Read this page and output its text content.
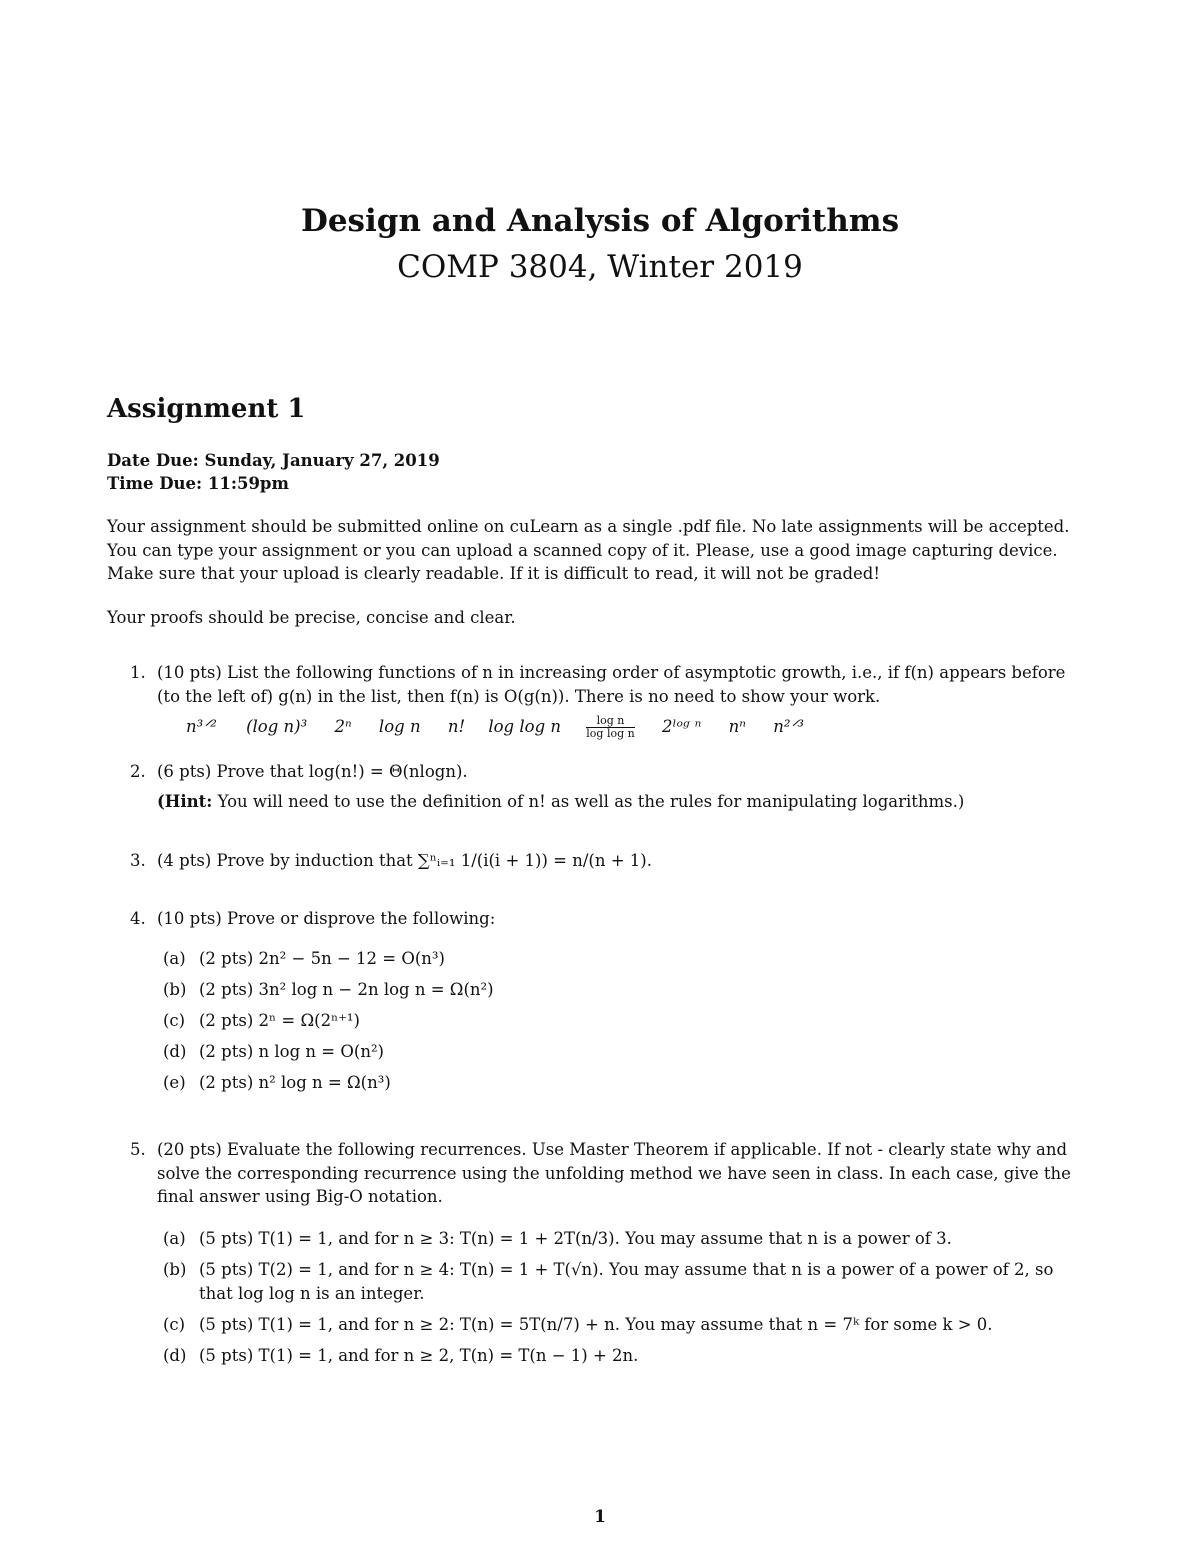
Design and Analysis of Algorithms
COMP 3804, Winter 2019
Assignment 1
Date Due: Sunday, January 27, 2019
Time Due: 11:59pm
Your assignment should be submitted online on cuLearn as a single .pdf file. No late assignments will be accepted.
You can type your assignment or you can upload a scanned copy of it. Please, use a good image capturing device.
Make sure that your upload is clearly readable. If it is difficult to read, it will not be graded!
Your proofs should be precise, concise and clear.
1. (10 pts) List the following functions of n in increasing order of asymptotic growth, i.e., if f(n) appears before
(to the left of) g(n) in the list, then f(n) is O(g(n)). There is no need to show your work.
n³ᐟ² (log n)³ 2ⁿ log n n! log log n $\frac{\text{log n}}{\text{log log n}}$ 2ˡᵒᵍ ⁿ nⁿ n²ᐟ³
2. (6 pts) Prove that log(n!) = Θ(nlogn).
(Hint: You will need to use the definition of n! as well as the rules for manipulating logarithms.)
3. (4 pts) Prove by induction that ∑ⁿᵢ₌₁ 1/(i(i + 1)) = n/(n + 1).
4. (10 pts) Prove or disprove the following:
(a) (2 pts) 2n² − 5n − 12 = O(n³)
(b) (2 pts) 3n² log n − 2n log n = Ω(n²)
(c) (2 pts) 2ⁿ = Ω(2ⁿ⁺¹)
(d) (2 pts) n log n = O(n²)
(e) (2 pts) n² log n = Ω(n³)
5. (20 pts) Evaluate the following recurrences. Use Master Theorem if applicable. If not - clearly state why and
solve the corresponding recurrence using the unfolding method we have seen in class. In each case, give the
final answer using Big-O notation.
(a) (5 pts) T(1) = 1, and for n ≥ 3: T(n) = 1 + 2T(n/3). You may assume that n is a power of 3.
(b) (5 pts) T(2) = 1, and for n ≥ 4: T(n) = 1 + T(√n). You may assume that n is a power of a power of 2, so
that log log n is an integer.
(c) (5 pts) T(1) = 1, and for n ≥ 2: T(n) = 5T(n/7) + n. You may assume that n = 7ᵏ for some k > 0.
(d) (5 pts) T(1) = 1, and for n ≥ 2, T(n) = T(n − 1) + 2n.
1
